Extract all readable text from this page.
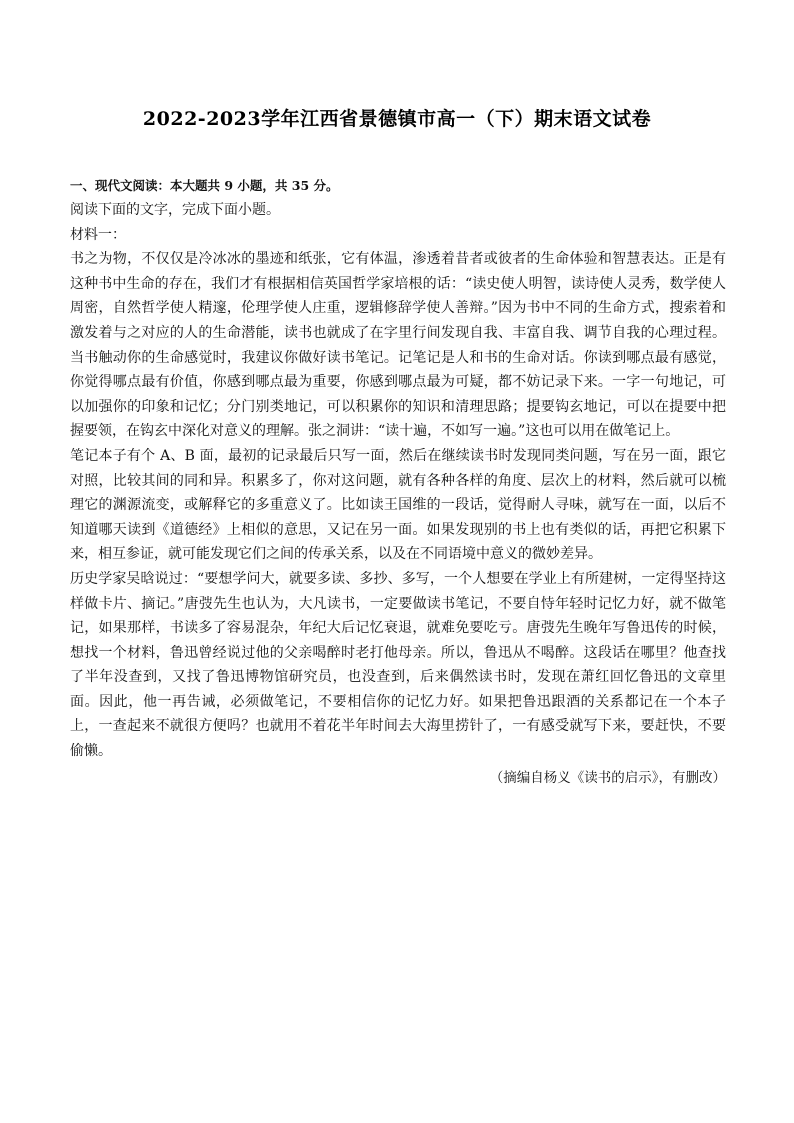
2022-2023学年江西省景德镇市高一（下）期末语文试卷

一、现代文阅读：本大题共 9 小题，共 35 分。

阅读下面的文字，完成下面小题。

材料一：

书之为物，不仅仅是冷冰冰的墨迹和纸张，它有体温，渗透着昔者或彼者的生命体验和智慧表达。正是有这种书中生命的存在，我们才有根据相信英国哲学家培根的话：“读史使人明智，读诗使人灵秀，数学使人周密，自然哲学使人精邃，伦理学使人庄重，逻辑修辞学使人善辩。”因为书中不同的生命方式，搜索着和激发着与之对应的人的生命潜能，读书也就成了在字里行间发现自我、丰富自我、调节自我的心理过程。当书触动你的生命感觉时，我建议你做好读书笔记。记笔记是人和书的生命对话。你读到哪点最有感觉，你觉得哪点最有价值，你感到哪点最为重要，你感到哪点最为可疑，都不妨记录下来。一字一句地记，可以加强你的印象和记忆；分门别类地记，可以积累你的知识和清理思路；提要钩玄地记，可以在提要中把握要领，在钩玄中深化对意义的理解。张之洞讲：“读十遍，不如写一遍。”这也可以用在做笔记上。

笔记本子有个 A、B 面，最初的记录最后只写一面，然后在继续读书时发现同类问题，写在另一面，跟它对照，比较其间的同和异。积累多了，你对这问题，就有各种各样的角度、层次上的材料，然后就可以梳理它的渊源流变，或解释它的多重意义了。比如读王国维的一段话，觉得耐人寻味，就写在一面，以后不知道哪天读到《道德经》上相似的意思，又记在另一面。如果发现别的书上也有类似的话，再把它积累下来，相互参证，就可能发现它们之间的传承关系，以及在不同语境中意义的微妙差异。

历史学家吴晗说过：“要想学问大，就要多读、多抄、多写，一个人想要在学业上有所建树，一定得坚持这样做卡片、摘记。”唐弢先生也认为，大凡读书，一定要做读书笔记，不要自恃年轻时记忆力好，就不做笔记，如果那样，书读多了容易混杂，年纪大后记忆衰退，就难免要吃亏。唐弢先生晚年写鲁迅传的时候，想找一个材料，鲁迅曾经说过他的父亲喝醉时老打他母亲。所以，鲁迅从不喝醉。这段话在哪里？他查找了半年没查到，又找了鲁迅博物馆研究员，也没查到，后来偶然读书时，发现在萧红回忆鲁迅的文章里面。因此，他一再告诫，必须做笔记，不要相信你的记忆力好。如果把鲁迅跟酒的关系都记在一个本子上，一查起来不就很方便吗？也就用不着花半年时间去大海里捞针了，一有感受就写下来，要赶快，不要偷懒。

（摘编自杨义《读书的启示》，有删改）
